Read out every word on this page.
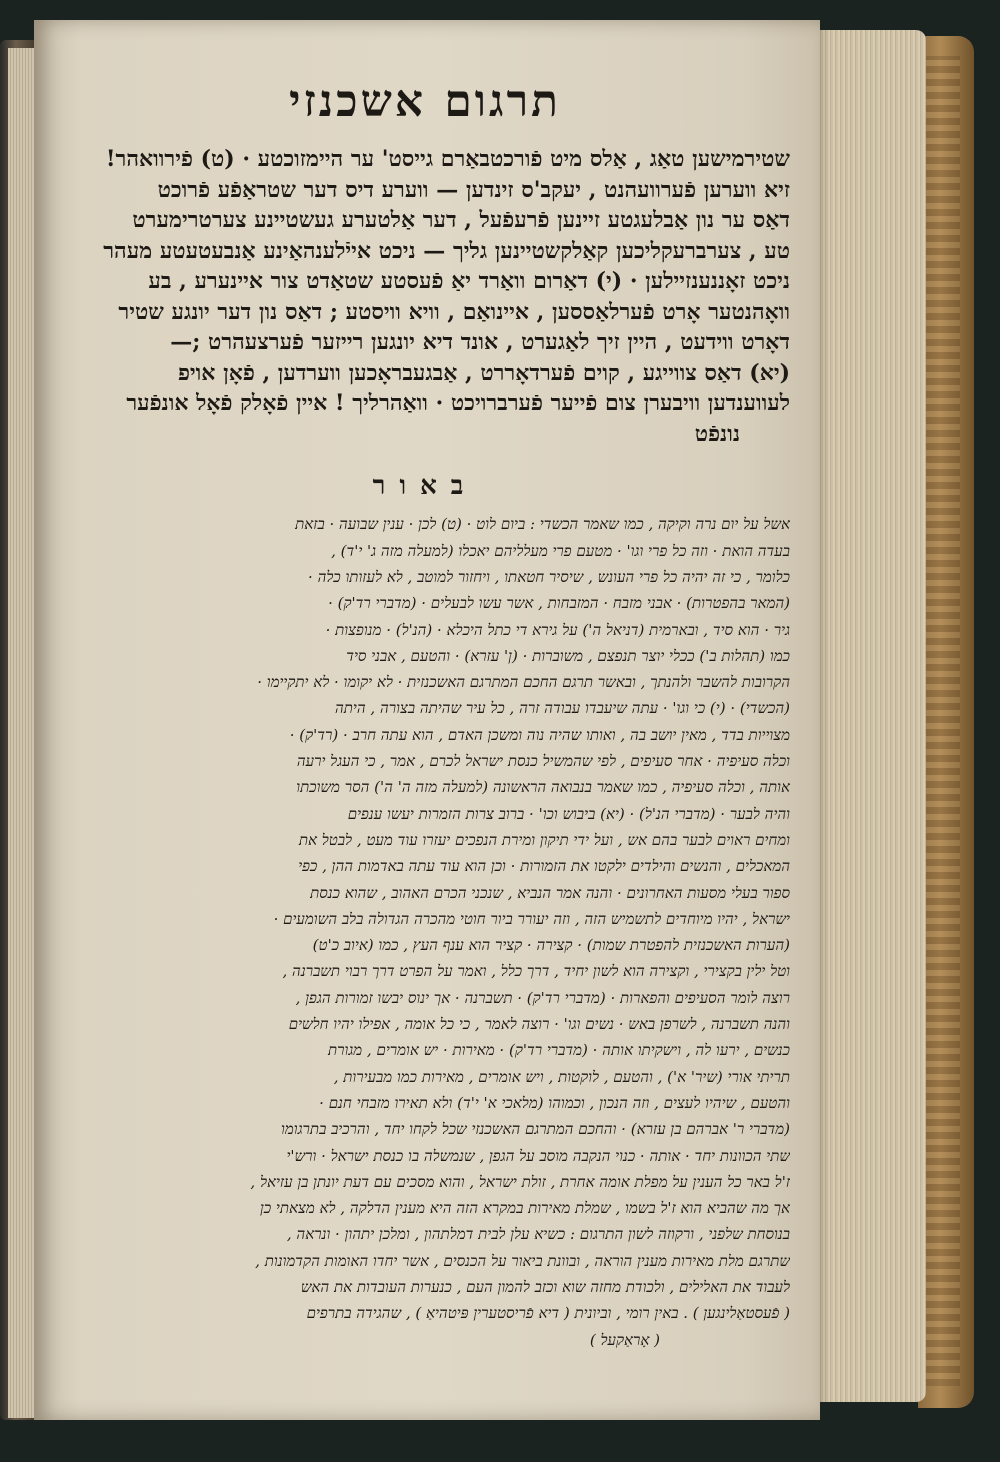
תרגום אשכנזי
שטירמישען טאַג , אַלס מיט פֿורכטבאַרם גייסט' ער היימזוכטע · (ט) פֿירוואהר!
זיא ווערען פֿערוועהנט , יעקב'ס זינדען — ווערע דיס דער שטראַפֿע פֿרוכט
דאַס ער נון אַבלעגטע זיינען פֿרעפֿעל , דער אַלטערע געשטיינע צערטרימערט
טע , צערברעקליכען קאַלקשטיינען גליך — ניכט אייֿלענהאַינע אַנבעטעטע מעהר
ניכט זאָננענזיילען · (י) דאַרום וואַרד יאַ פֿעסטע שטאַדט צור איינערע , בע
וואָהנטער אָרט פֿערלאַססען , איינואַם , וויא וויסטע ; דאַס נון דער יונגע שטיר
דאָרט ווידעט , היין זיך לאַגערט , אונד דיא יונגען רייזער פֿערצעהרט ;—
(יא) דאַס צווייגע , קוים פֿערדאָררט , אַבגעבראָכען ווערדען , פֿאָן אויפ
לעווענדען וויבערן צום פֿייער פֿערברויכט · וואַהרליך ! איין פֿאָלק פֿאָל אונפֿער
נונפֿט
באור
אשל על יום נרה וקיקה , כמו שאמר הכשדי : ביום לוט · (ט) לכן · ענין שבועה · בזאת
בעדה הואת · וזה כל פרי וגו' · מטעם פרי מעלליהם יאכלו (למעלה מזה ג' י'ד) ,
כלומר , כי זה יהיה כל פרי העונש , שיסיר חטאתו , ויחזור למוטב , לא לעזותו כלה ·
(המאר בהפטרות) · אבני מזבח · המזבחות , אשר עשו לבעלים · (מדברי רד'ק) ·
גיר · הוא סיד , ובארמית (דניאל ה') על גירא די כתל היכלא · (הנ'ל) · מנופצות ·
כמו (תהלות ב') ככלי יוצר תנפצם , משוברות · (ן' עזרא) · והטעם , אבני סיד
הקרובות להשבר ולהנתך , ובאשר תרגם החכם המתרגם האשכנזית · לא יקומו · לא יתקיימו ·
(הכשדי) · (י) כי וגו' · עתה שיעבדו עבודה זרה , כל עיר שהיתה בצורה , היתה
מצוייות בדד , מאין יושב בה , ואותו שהיה נוה ומשכן האדם , הוא עתה חרב · (רד'ק) ·
וכלה סעיפיה · אחר סעיפים , לפי שהמשיל כנסת ישראל לכרם , אמר , כי העגל ירעה
אותה , וכלה סעיפיה , כמו שאמר בנבואה הראשונה (למעלה מזה ה' ה') הסר משוכתו
והיה לבער · (מדברי הנ'ל) · (יא) ביבוש וכו' · ברוב צרות הזמרות יעשו ענפים
ומחים ראוים לבער בהם אש , ועל ידי תיקון ומירת הנפכים יעזרו עוד מעט , לבטל את
המאכלים , והנשים והילדים ילקטו את הזמורות · וכן הוא עוד עתה באדמות ההן , כפי
ספור בעלי מסעות האחרונים · והנה אמר הנביא , שנכני הכרם האהוב , שהוא כנסת
ישראל , יהיו מיוחדים לתשמיש הזה , וזה יעורר ביור חוטי מהכרה הגדולה בלב השומעים ·
(הערות האשכנזית להפטרת שמות) · קצירה · קציר הוא ענף העץ , כמו (איוב כ'ט)
וטל ילין בקצירי , וקצירה הוא לשון יחיד , דרך כלל , ואמר על הפרט דרך רבוי תשברנה ,
רוצה לומר הסעיפים והפארות · (מדברי רד'ק) · תשברנה · אך ינוס יבשו זמורות הגפן ,
והנה תשברנה , לשרפן באש · נשים וגו' · רוצה לאמר , כי כל אומה , אפילו יהיו חלשים
כנשים , ירעו לה , וישקיתו אותה · (מדברי רד'ק) · מאירות · יש אומרים , מגורת
תריתי אורי (שיר' א') , והטעם , לוקטות , ויש אומרים , מאירות כמו מבעירות ,
והטעם , שיהיו לעצים , וזה הנכון , וכמוהו (מלאכי א' י'ד) ולא תאירו מזבחי חנם ·
(מדברי ר' אברהם בן עזרא) · והחכם המתרגם האשכנזי שכל לקחו יחד , והרכיב בתרגומו
שתי הכוונות יחד · אותה · כנוי הנקבה מוסב על הגפן , שנמשלה בו כנסת ישראל · ורש'י
ז'ל באר כל הענין על מפלת אומה אחרת , זולת ישראל , והוא מסכים עם דעת יונתן בן עזיאל ,
אך מה שהביא הוא ז'ל בשמו , שמלת מאירות במקרא הזה היא מענין הדלקה , לא מצאתי כן
בנוסחת שלפני , ורקוזה לשון התרגום : כשיא עלן לבית דמלתהון , ומלכן יתהון · ונראה ,
שתרגם מלת מאירות מענין הוראה , ובוונת ביאור על הכנסים , אשר יחדו האומות הקדמונות ,
לעבוד את האלילים , ולכודת מחזה שוא וכזב להמון העם , כנערות העובדות את האש
( פֿעסטאַלינגען ) . באין רומי , וביונית ( דיא פֿריסטערין פּיטהיאַ ) , שהגידה בתרפים
( אָראַקעל )
